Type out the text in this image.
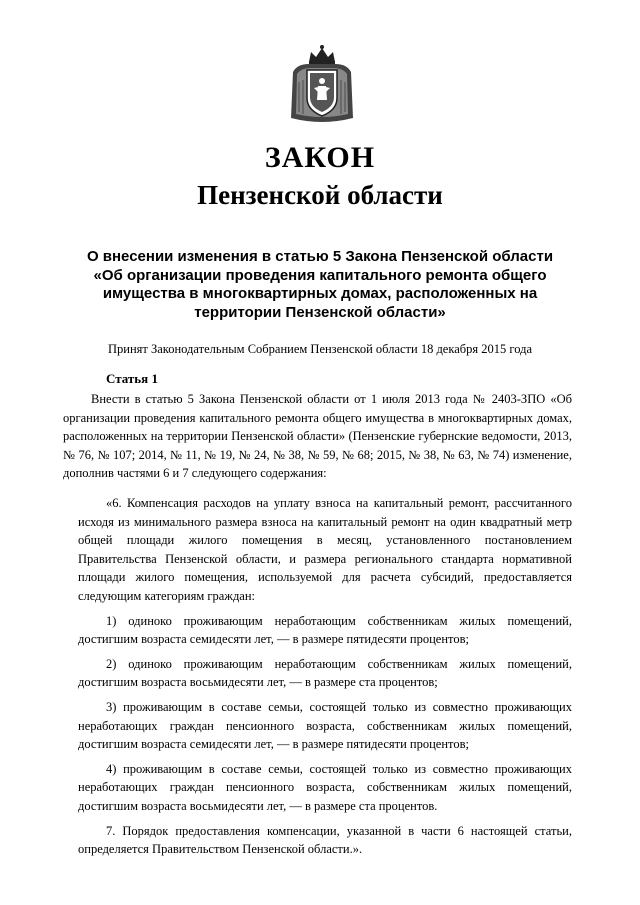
ЗАКОН
Пензенской области
О внесении изменения в статью 5 Закона Пензенской области
«Об организации проведения капитального ремонта общего
имущества в многоквартирных домах, расположенных на
территории Пензенской области»
Принят Законодательным Собранием Пензенской области 18 декабря 2015 года
Статья 1

Внести в статью 5 Закона Пензенской области от 1 июля 2013 года № 2403-ЗПО «Об организации проведения капитального ремонта общего имущества в многоквартирных домах, расположенных на территории Пензенской области» (Пензенские губернские ведомости, 2013, № 76, № 107; 2014, № 11, № 19, № 24, № 38, № 59, № 68; 2015, № 38, № 63, № 74) изменение, дополнив частями 6 и 7 следующего содержания:

«6. Компенсация расходов на уплату взноса на капитальный ремонт, рассчитанного исходя из минимального размера взноса на капитальный ремонт на один квадратный метр общей площади жилого помещения в месяц, установленного постановлением Правительства Пензенской области, и размера регионального стандарта нормативной площади жилого помещения, используемой для расчета субсидий, предоставляется следующим категориям граждан:

1) одиноко проживающим неработающим собственникам жилых помещений, достигшим возраста семидесяти лет, — в размере пятидесяти процентов;

2) одиноко проживающим неработающим собственникам жилых помещений, достигшим возраста восьмидесяти лет, — в размере ста процентов;

3) проживающим в составе семьи, состоящей только из совместно проживающих неработающих граждан пенсионного возраста, собственникам жилых помещений, достигшим возраста семидесяти лет, — в размере пятидесяти процентов;

4) проживающим в составе семьи, состоящей только из совместно проживающих неработающих граждан пенсионного возраста, собственникам жилых помещений, достигшим возраста восьмидесяти лет, — в размере ста процентов.

7. Порядок предоставления компенсации, указанной в части 6 настоящей статьи, определяется Правительством Пензенской области.».
